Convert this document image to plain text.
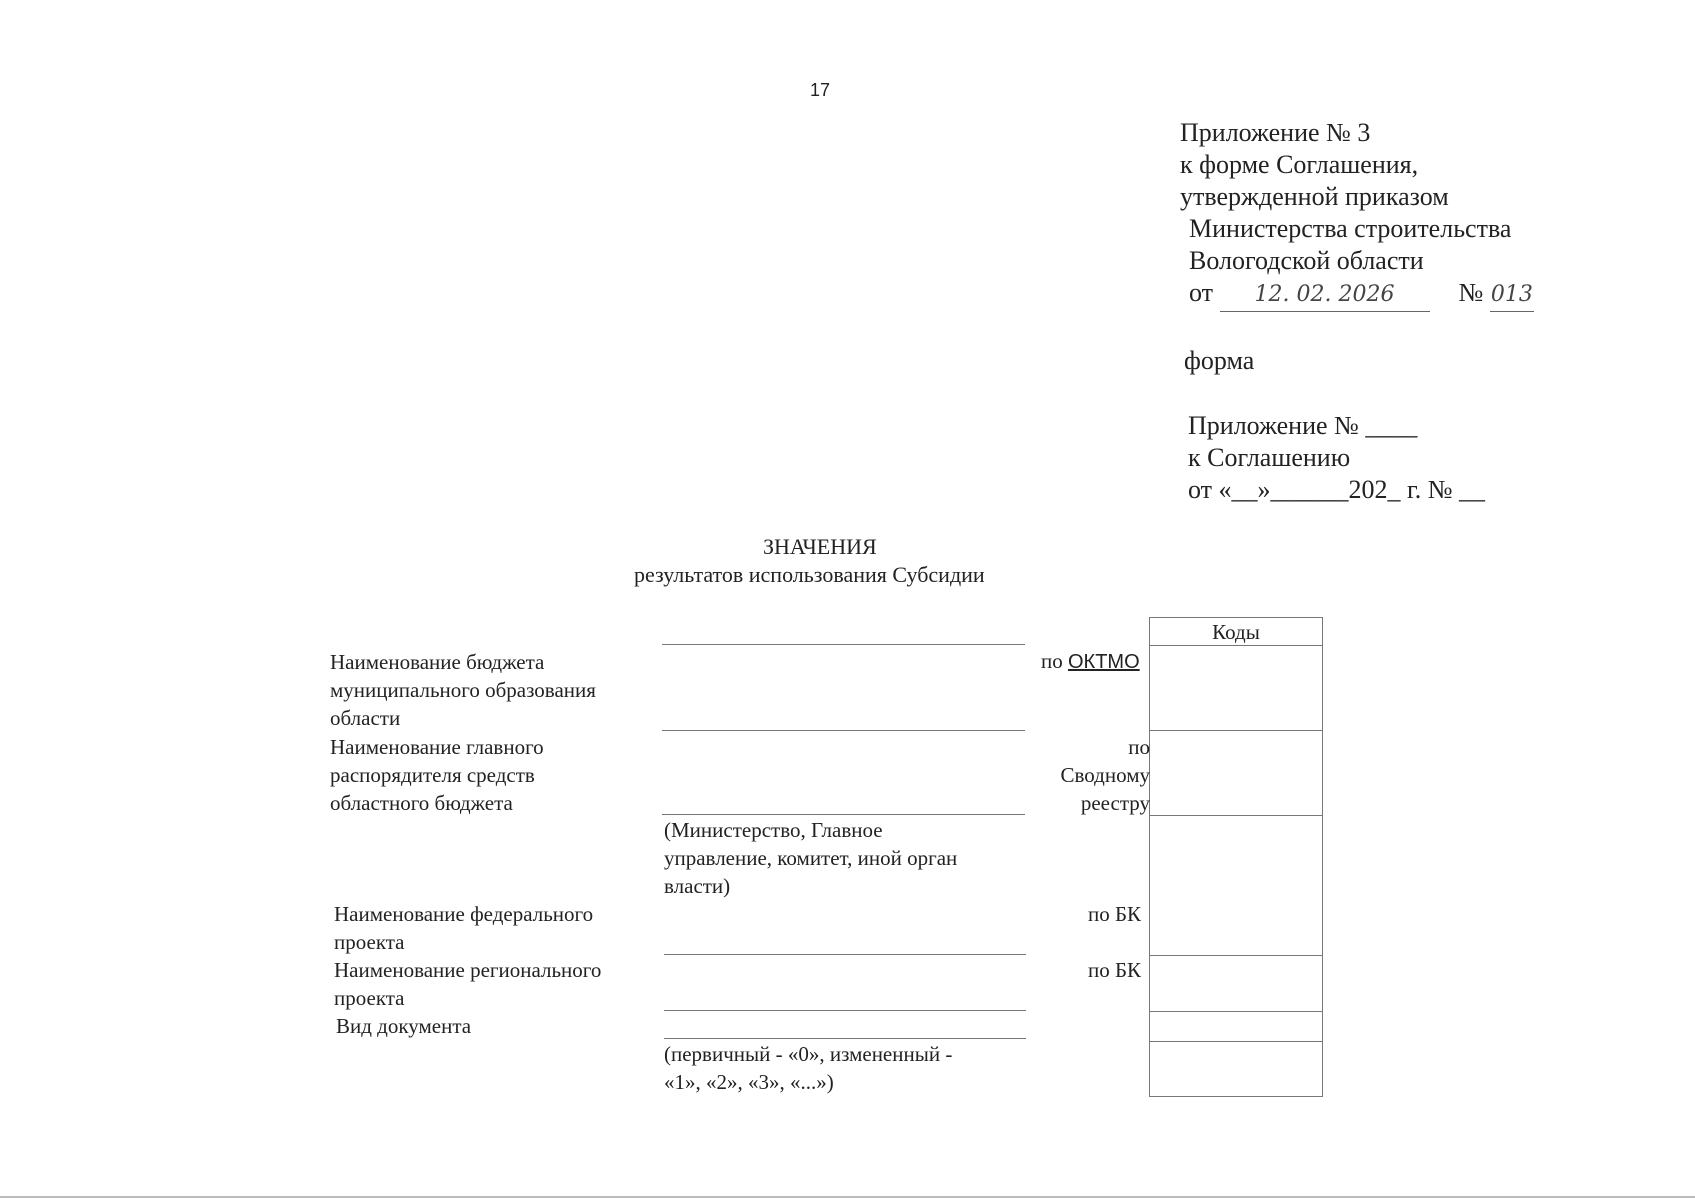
17
Приложение № 3
к форме Соглашения,
утвержденной приказом
Министерства строительства
Вологодской области
от 12. 02. 2026 № 013
форма
Приложение № ____
к Соглашению
от «__»______202_ г. № __
ЗНАЧЕНИЯ
результатов использования Субсидии
Коды
Наименование бюджета
муниципального образования
области
по ОКТМО
Наименование главного
распорядителя средств
областного бюджета
по
Сводному
реестру
(Министерство, Главное
управление, комитет, иной орган
власти)
Наименование федерального
проекта
по БК
Наименование регионального
проекта
по БК
Вид документа
(первичный - «0», измененный -
«1», «2», «3», «...»)
